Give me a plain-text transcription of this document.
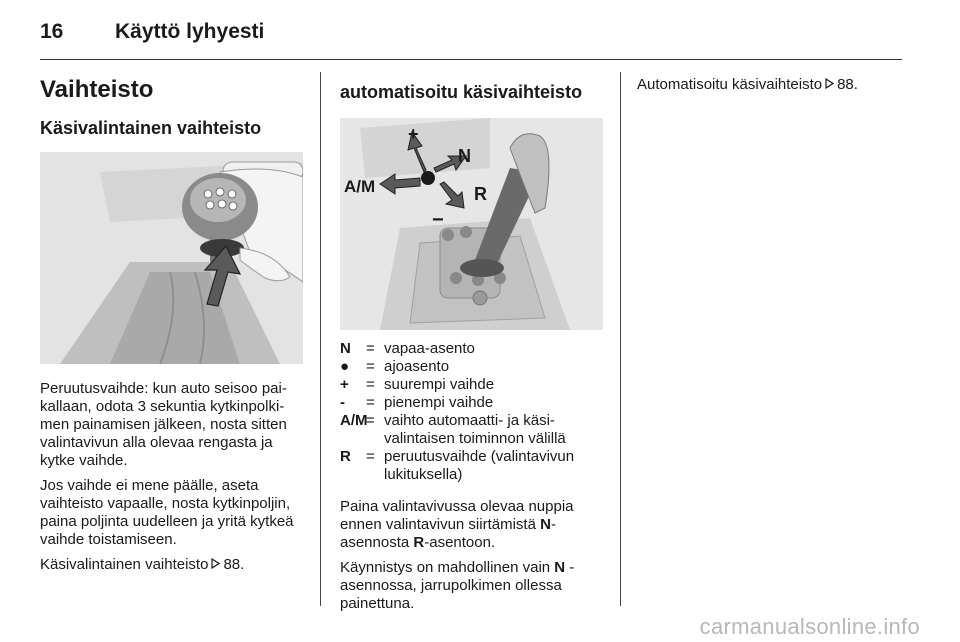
16 Käyttö lyhyesti
Vaihteisto
Käsivalintainen vaihteisto

Peruutusvaihde: kun auto seisoo paikallaan, odota 3 sekuntia kytkinpolkimen painamisen jälkeen, nosta sitten valintavivun alla olevaa rengasta ja kytke vaihde.

Jos vaihde ei mene päälle, aseta vaihteisto vapaalle, nosta kytkinpoljin, paina poljinta uudelleen ja yritä kytkeä vaihde toistamiseen.

Käsivalintainen vaihteisto 88.

automatisoitu käsivaihteisto
+
N
A/M	R
−
N	= vapaa-asento
●	= ajoasento
+	= suurempi vaihde
-	= pienempi vaihde
A/M
= vaihto automaatti- ja käsivalintaisen toiminnon välillä
R	= peruutusvaihde (valintavivun lukituksella)

Paina valintavivussa olevaa nuppia ennen valintavivun siirtämistä N-asennosta R-asentoon.

Käynnistys on mahdollinen vain N -asennossa, jarrupolkimen ollessa painettuna.

Automatisoitu käsivaihteisto 88.

carmanualsonline.info
